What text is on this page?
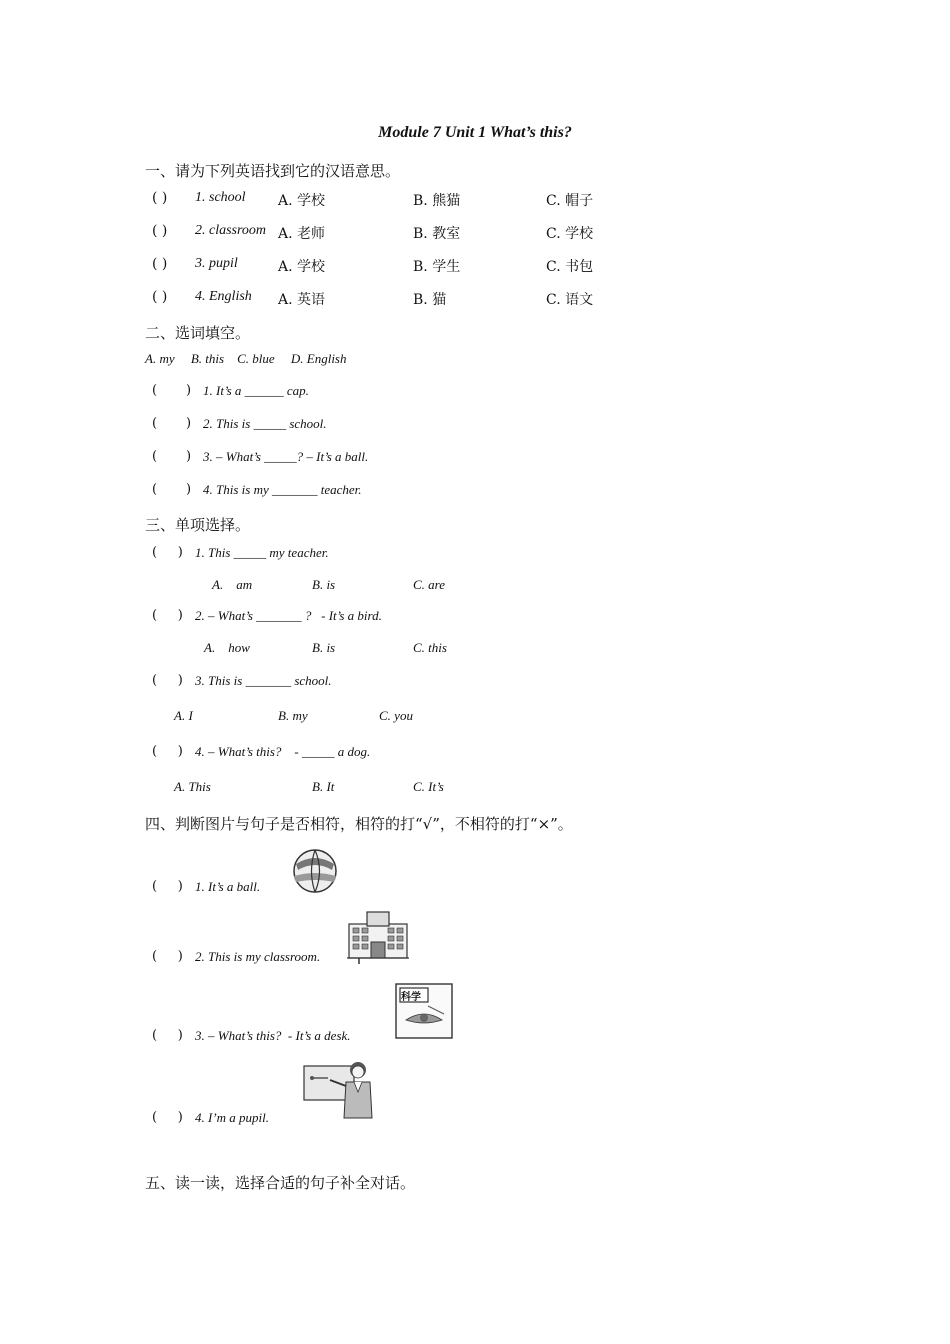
Module 7 Unit 1 What’s this?
一、请为下列英语找到它的汉语意思。
( ) 1. school A. 学校	B. 熊猫	C. 帽子
( ) 2. classroom A. 老师	B. 教室	C. 学校
( ) 3. pupil	A. 学校	B. 学生	C. 书包
( ) 4. English A. 英语	B. 猫	C. 语文
二、选词填空。
A. my     B. this    C. blue     D. English
(       ) 1. It’s a ______ cap.
(       ) 2. This is _____ school.
(       ) 3. – What’s _____? – It’s a ball.
(       ) 4. This is my _______ teacher.
三、单项选择。
(     ) 1. This _____ my teacher.
A.    am	B. is	C. are
(     ) 2. – What’s _______ ?   - It’s a bird.
A.    how	B. is	C. this
(     ) 3. This is _______ school.
A. I	B. my	C. you
(     ) 4. – What’s this?    - _____ a dog.
A. This	B. It	C. It’s
四、判断图片与句子是否相符，相符的打“√”，不相符的打“×”。
(     ) 1. It’s a ball.
(     ) 2. This is my classroom.
(     ) 3. – What’s this?  - It’s a desk.
科学
(     ) 4. I’m a pupil.
五、读一读，选择合适的句子补全对话。
